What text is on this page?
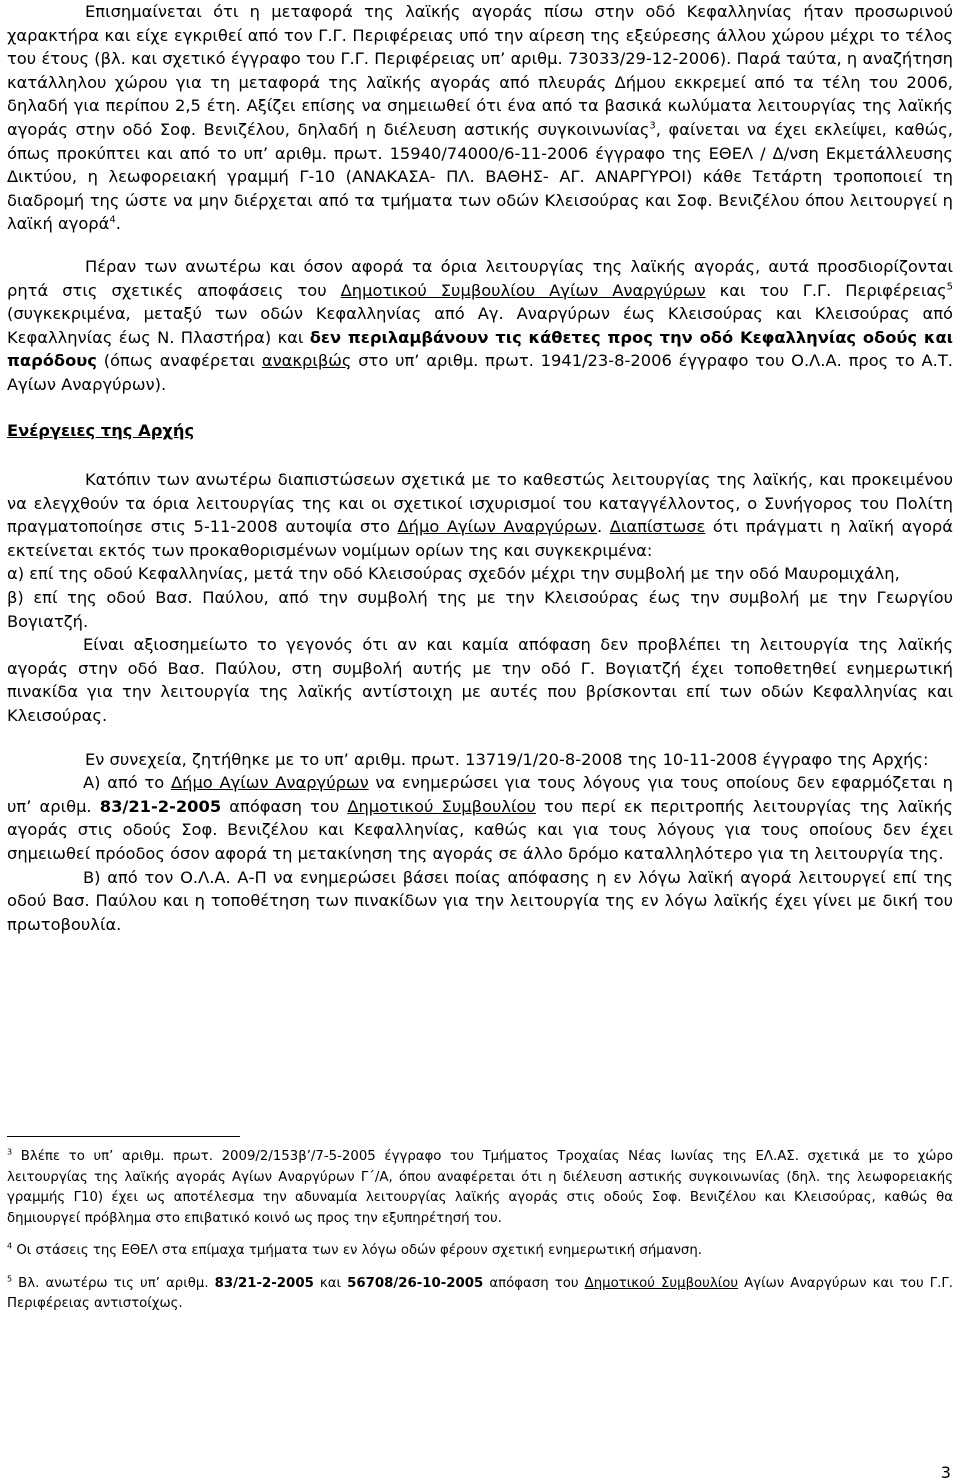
Επισημαίνεται ότι η μεταφορά της λαϊκής αγοράς πίσω στην οδό Κεφαλληνίας ήταν προσωρινού χαρακτήρα και είχε εγκριθεί από τον Γ.Γ. Περιφέρειας υπό την αίρεση της εξεύρεσης άλλου χώρου μέχρι το τέλος του έτους (βλ. και σχετικό έγγραφο του Γ.Γ. Περιφέρειας υπ’ αριθμ. 73033/29-12-2006). Παρά ταύτα, η αναζήτηση κατάλληλου χώρου για τη μεταφορά της λαϊκής αγοράς από πλευράς Δήμου εκκρεμεί από τα τέλη του 2006, δηλαδή για περίπου 2,5 έτη. Αξίζει επίσης να σημειωθεί ότι ένα από τα βασικά κωλύματα λειτουργίας της λαϊκής αγοράς στην οδό Σοφ. Βενιζέλου, δηλαδή η διέλευση αστικής συγκοινωνίας$^3$, φαίνεται να έχει εκλείψει, καθώς, όπως προκύπτει και από το υπ’ αριθμ. πρωτ. 15940/74000/6-11-2006 έγγραφο της ΕΘΕΛ / Δ/νση Εκμετάλλευσης Δικτύου, η λεωφορειακή γραμμή Γ-10 (ΑΝΑΚΑΣΑ- ΠΛ. ΒΑΘΗΣ- ΑΓ. ΑΝΑΡΓΥΡΟΙ) κάθε Τετάρτη τροποποιεί τη διαδρομή της ώστε να μην διέρχεται από τα τμήματα των οδών Κλεισούρας και Σοφ. Βενιζέλου όπου λειτουργεί η λαϊκή αγορά$^4$.

Πέραν των ανωτέρω και όσον αφορά τα όρια λειτουργίας της λαϊκής αγοράς, αυτά προσδιορίζονται ρητά στις σχετικές αποφάσεις του Δημοτικού Συμβουλίου Αγίων Αναργύρων και του Γ.Γ. Περιφέρειας$^5$ (συγκεκριμένα, μεταξύ των οδών Κεφαλληνίας από Αγ. Αναργύρων έως Κλεισούρας και Κλεισούρας από Κεφαλληνίας έως Ν. Πλαστήρα) και δεν περιλαμβάνουν τις κάθετες προς την οδό Κεφαλληνίας οδούς και παρόδους (όπως αναφέρεται ανακριβώς στο υπ’ αριθμ. πρωτ. 1941/23-8-2006 έγγραφο του Ο.Λ.Α. προς το Α.Τ. Αγίων Αναργύρων).

Ενέργειες της Αρχής

Κατόπιν των ανωτέρω διαπιστώσεων σχετικά με το καθεστώς λειτουργίας της λαϊκής, και προκειμένου να ελεγχθούν τα όρια λειτουργίας της και οι σχετικοί ισχυρισμοί του καταγγέλλοντος, ο Συνήγορος του Πολίτη πραγματοποίησε στις 5-11-2008 αυτοψία στο Δήμο Αγίων Αναργύρων. Διαπίστωσε ότι πράγματι η λαϊκή αγορά εκτείνεται εκτός των προκαθορισμένων νομίμων ορίων της και συγκεκριμένα:

α) επί της οδού Κεφαλληνίας, μετά την οδό Κλεισούρας σχεδόν μέχρι την συμβολή με την οδό Μαυρομιχάλη,

β) επί της οδού Βασ. Παύλου, από την συμβολή της με την Κλεισούρας έως την συμβολή με την Γεωργίου Βογιατζή.

Είναι αξιοσημείωτο το γεγονός ότι αν και καμία απόφαση δεν προβλέπει τη λειτουργία της λαϊκής αγοράς στην οδό Βασ. Παύλου, στη συμβολή αυτής με την οδό Γ. Βογιατζή έχει τοποθετηθεί ενημερωτική πινακίδα για την λειτουργία της λαϊκής αντίστοιχη με αυτές που βρίσκονται επί των οδών Κεφαλληνίας και Κλεισούρας.

Εν συνεχεία, ζητήθηκε με το υπ’ αριθμ. πρωτ. 13719/1/20-8-2008 της 10-11-2008 έγγραφο της Αρχής:

Α) από το Δήμο Αγίων Αναργύρων να ενημερώσει για τους λόγους για τους οποίους δεν εφαρμόζεται η υπ’ αριθμ. 83/21-2-2005 απόφαση του Δημοτικού Συμβουλίου του περί εκ περιτροπής λειτουργίας της λαϊκής αγοράς στις οδούς Σοφ. Βενιζέλου και Κεφαλληνίας, καθώς και για τους λόγους για τους οποίους δεν έχει σημειωθεί πρόοδος όσον αφορά τη μετακίνηση της αγοράς σε άλλο δρόμο καταλληλότερο για τη λειτουργία της.

Β) από τον Ο.Λ.Α. Α-Π να ενημερώσει βάσει ποίας απόφασης η εν λόγω λαϊκή αγορά λειτουργεί επί της οδού Βασ. Παύλου και η τοποθέτηση των πινακίδων για την λειτουργία της εν λόγω λαϊκής έχει γίνει με δική του πρωτοβουλία.

$^3$ Βλέπε το υπ’ αριθμ. πρωτ. 2009/2/153β’/7-5-2005 έγγραφο του Τμήματος Τροχαίας Νέας Ιωνίας της ΕΛ.ΑΣ. σχετικά με το χώρο λειτουργίας της λαϊκής αγοράς Αγίων Αναργύρων Γ΄/Α, όπου αναφέρεται ότι η διέλευση αστικής συγκοινωνίας (δηλ. της λεωφορειακής γραμμής Γ10) έχει ως αποτέλεσμα την αδυναμία λειτουργίας λαϊκής αγοράς στις οδούς Σοφ. Βενιζέλου και Κλεισούρας, καθώς θα δημιουργεί πρόβλημα στο επιβατικό κοινό ως προς την εξυπηρέτησή του.

$^4$ Οι στάσεις της ΕΘΕΛ στα επίμαχα τμήματα των εν λόγω οδών φέρουν σχετική ενημερωτική σήμανση.

$^5$ Βλ. ανωτέρω τις υπ’ αριθμ. 83/21-2-2005 και 56708/26-10-2005 απόφαση του Δημοτικού Συμβουλίου Αγίων Αναργύρων και του Γ.Γ. Περιφέρειας αντιστοίχως.

3
